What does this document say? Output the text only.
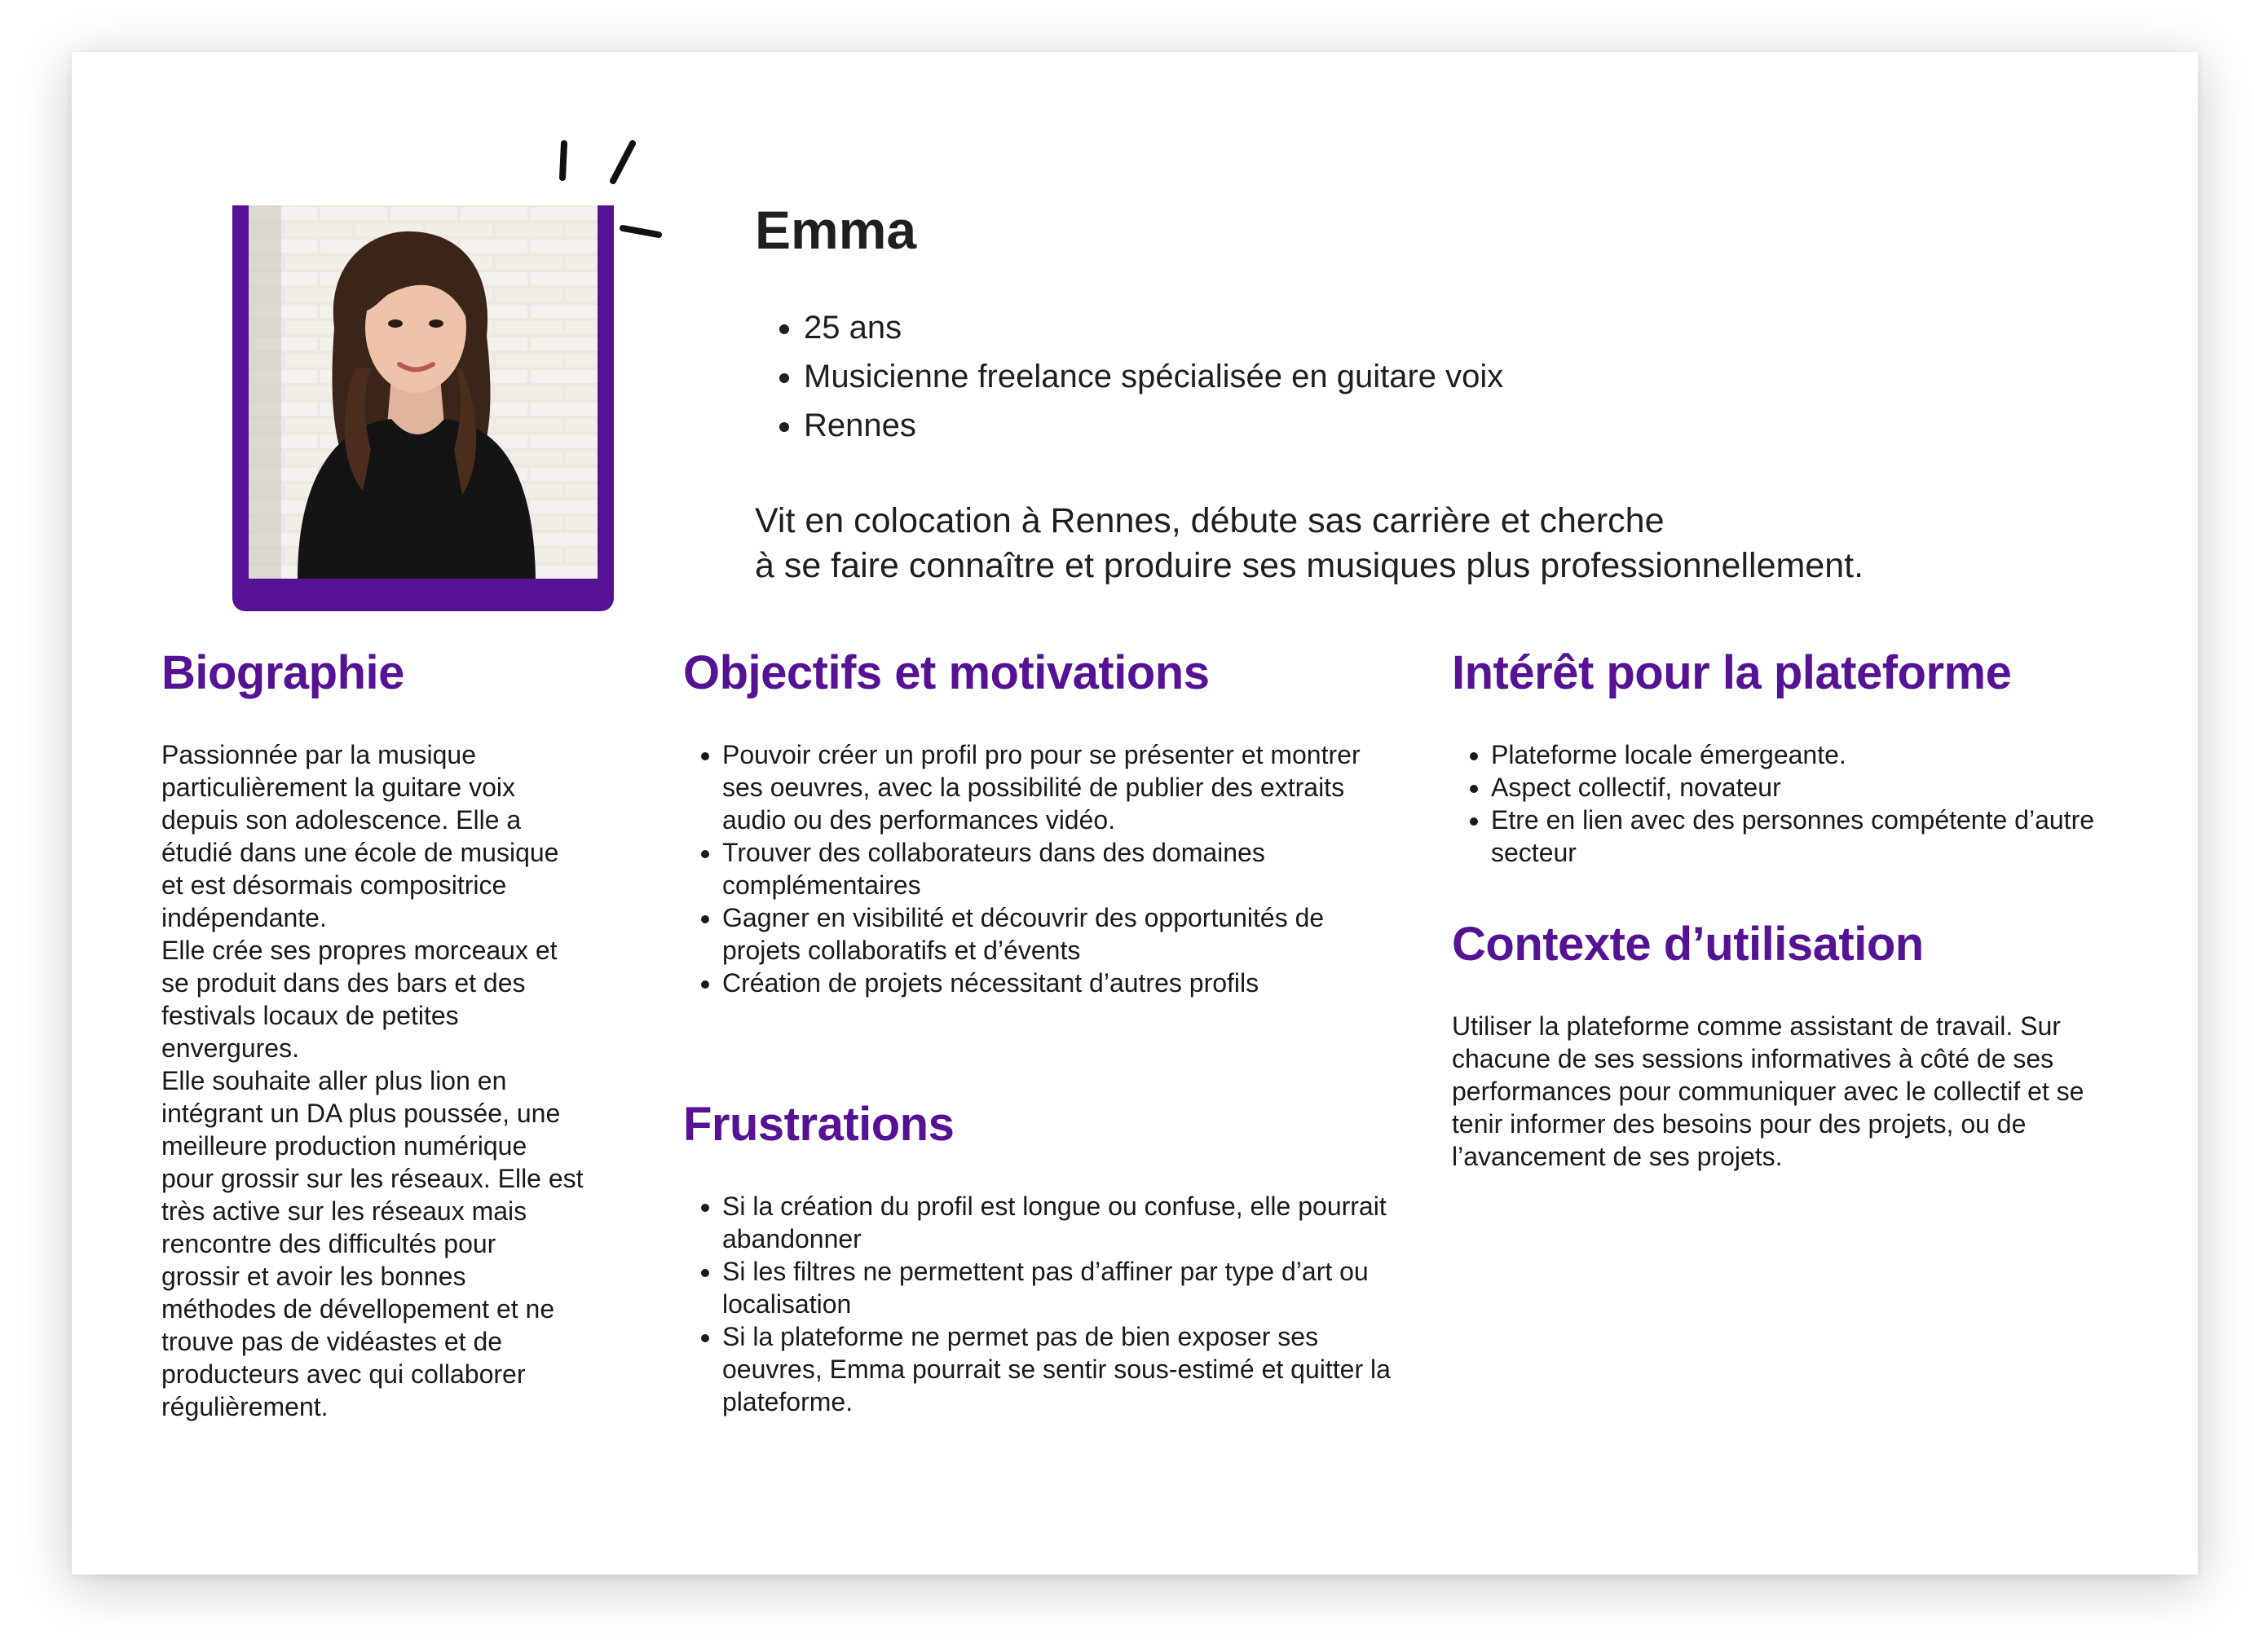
Emma
• 25 ans
• Musicienne freelance spécialisée en guitare voix
• Rennes

Vit en colocation à Rennes, débute sas carrière et cherche
à se faire connaître et produire ses musiques plus professionnellement.

Biographie

Passionnée par la musique
particulièrement la guitare voix
depuis son adolescence. Elle a
étudié dans une école de musique
et est désormais compositrice
indépendante.
Elle crée ses propres morceaux et
se produit dans des bars et des
festivals locaux de petites
envergures.
Elle souhaite aller plus lion en
intégrant un DA plus poussée, une
meilleure production numérique
pour grossir sur les réseaux. Elle est
très active sur les réseaux mais
rencontre des difficultés pour
grossir et avoir les bonnes
méthodes de dévellopement et ne
trouve pas de vidéastes et de
producteurs avec qui collaborer
régulièrement.

Objectifs et motivations
• Pouvoir créer un profil pro pour se présenter et montrer ses oeuvres, avec la possibilité de publier des extraits audio ou des performances vidéo.
• Trouver des collaborateurs dans des domaines complémentaires
• Gagner en visibilité et découvrir des opportunités de projets collaboratifs et d’évents
• Création de projets nécessitant d’autres profils
Frustrations
• Si la création du profil est longue ou confuse, elle pourrait abandonner
• Si les filtres ne permettent pas d’affiner par type d’art ou localisation
• Si la plateforme ne permet pas de bien exposer ses oeuvres, Emma pourrait se sentir sous-estimé et quitter la plateforme.
Intérêt pour la plateforme
• Plateforme locale émergeante.
• Aspect collectif, novateur
• Etre en lien avec des personnes compétente d’autre secteur
Contexte d’utilisation

Utiliser la plateforme comme assistant de travail. Sur
chacune de ses sessions informatives à côté de ses
performances pour communiquer avec le collectif et se
tenir informer des besoins pour des projets, ou de
l’avancement de ses projets.
